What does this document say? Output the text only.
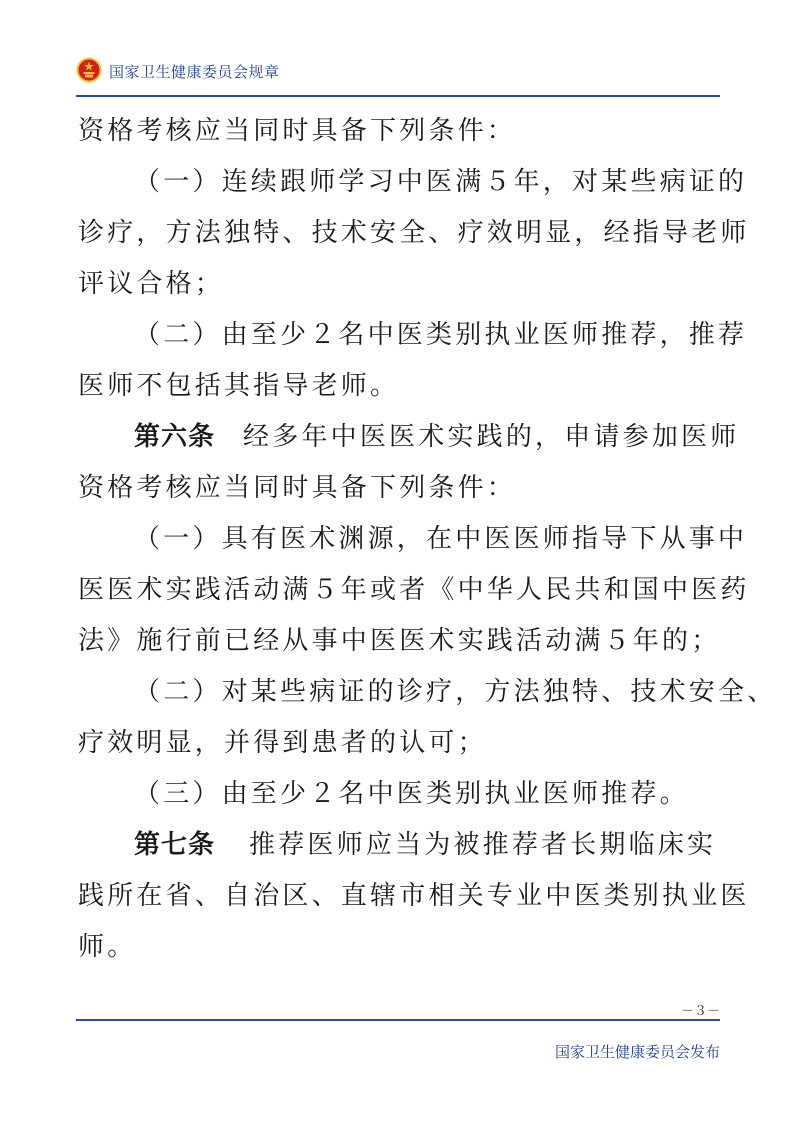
国家卫生健康委员会规章
资格考核应当同时具备下列条件：
（一）连续跟师学习中医满５年，对某些病证的
诊疗，方法独特、技术安全、疗效明显，经指导老师
评议合格；
（二）由至少２名中医类别执业医师推荐，推荐
医师不包括其指导老师。
第六条 经多年中医医术实践的，申请参加医师
资格考核应当同时具备下列条件：
（一）具有医术渊源，在中医医师指导下从事中
医医术实践活动满５年或者《中华人民共和国中医药
法》施行前已经从事中医医术实践活动满５年的；
（二）对某些病证的诊疗，方法独特、技术安全、
疗效明显，并得到患者的认可；
（三）由至少２名中医类别执业医师推荐。
第七条 推荐医师应当为被推荐者长期临床实
践所在省、自治区、直辖市相关专业中医类别执业医
师。
－３－
国家卫生健康委员会发布
